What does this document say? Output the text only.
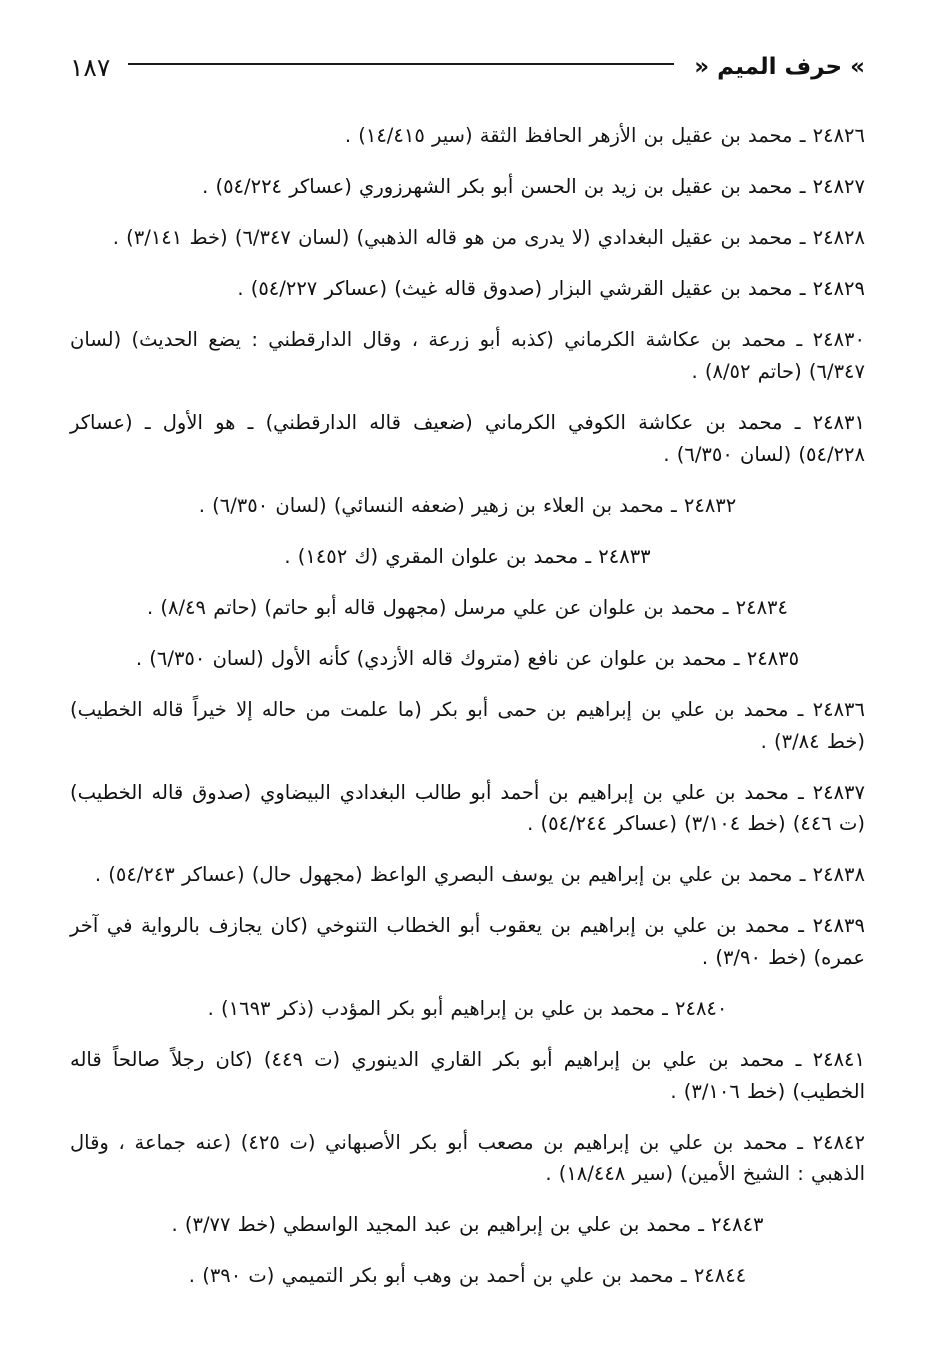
» حرف الميم «
١٨٧

٢٤٨٢٦ ـ محمد بن عقيل بن الأزهر الحافظ الثقة (سير ١٤/٤١٥) .

٢٤٨٢٧ ـ محمد بن عقيل بن زيد بن الحسن أبو بكر الشهرزوري (عساكر ٥٤/٢٢٤) .

٢٤٨٢٨ ـ محمد بن عقيل البغدادي (لا يدرى من هو قاله الذهبي) (لسان ٦/٣٤٧) (خط ٣/١٤١) .

٢٤٨٢٩ ـ محمد بن عقيل القرشي البزار (صدوق قاله غيث) (عساكر ٥٤/٢٢٧) .

٢٤٨٣٠ ـ محمد بن عكاشة الكرماني (كذبه أبو زرعة ، وقال الدارقطني : يضع الحديث) (لسان ٦/٣٤٧) (حاتم ٨/٥٢) .

٢٤٨٣١ ـ محمد بن عكاشة الكوفي الكرماني (ضعيف قاله الدارقطني) ـ هو الأول ـ (عساكر ٥٤/٢٢٨) (لسان ٦/٣٥٠) .

٢٤٨٣٢ ـ محمد بن العلاء بن زهير (ضعفه النسائي) (لسان ٦/٣٥٠) .

٢٤٨٣٣ ـ محمد بن علوان المقري (ك ١٤٥٢) .

٢٤٨٣٤ ـ محمد بن علوان عن علي مرسل (مجهول قاله أبو حاتم) (حاتم ٨/٤٩) .

٢٤٨٣٥ ـ محمد بن علوان عن نافع (متروك قاله الأزدي) كأنه الأول (لسان ٦/٣٥٠) .

٢٤٨٣٦ ـ محمد بن علي بن إبراهيم بن حمى أبو بكر (ما علمت من حاله إلا خيراً قاله الخطيب) (خط ٣/٨٤) .

٢٤٨٣٧ ـ محمد بن علي بن إبراهيم بن أحمد أبو طالب البغدادي البيضاوي (صدوق قاله الخطيب) (ت ٤٤٦) (خط ٣/١٠٤) (عساكر ٥٤/٢٤٤) .

٢٤٨٣٨ ـ محمد بن علي بن إبراهيم بن يوسف البصري الواعظ (مجهول حال) (عساكر ٥٤/٢٤٣) .

٢٤٨٣٩ ـ محمد بن علي بن إبراهيم بن يعقوب أبو الخطاب التنوخي (كان يجازف بالرواية في آخر عمره) (خط ٣/٩٠) .

٢٤٨٤٠ ـ محمد بن علي بن إبراهيم أبو بكر المؤدب (ذكر ١٦٩٣) .

٢٤٨٤١ ـ محمد بن علي بن إبراهيم أبو بكر القاري الدينوري (ت ٤٤٩) (كان رجلاً صالحاً قاله الخطيب) (خط ٣/١٠٦) .

٢٤٨٤٢ ـ محمد بن علي بن إبراهيم بن مصعب أبو بكر الأصبهاني (ت ٤٢٥) (عنه جماعة ، وقال الذهبي : الشيخ الأمين) (سير ١٨/٤٤٨) .

٢٤٨٤٣ ـ محمد بن علي بن إبراهيم بن عبد المجيد الواسطي (خط ٣/٧٧) .

٢٤٨٤٤ ـ محمد بن علي بن أحمد بن وهب أبو بكر التميمي (ت ٣٩٠) .
